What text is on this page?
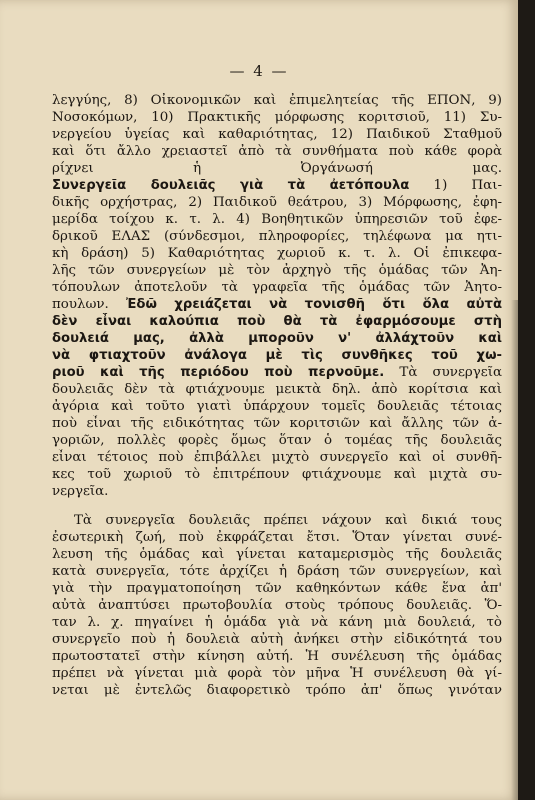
— 4 —
λεγγύης, 8) Οἰκονομικῶν καὶ ἐπιμελητείας τῆς ΕΠΟΝ, 9)
Νοσοκόμων, 10) Πρακτικῆς μόρφωσης κοριτσιοῦ, 11) Συ-
νεργείου ὑγείας καὶ καθαριότητας, 12) Παιδικοῦ Σταθμοῦ
καὶ ὅτι ἄλλο χρειαστεῖ ἀπὸ τὰ συνθήματα ποὺ κάθε φορὰ
ρίχνει ἡ Ὀργάνωσή μας.
Συνεργεῖα δουλειᾶς γιὰ τὰ ἀετόπουλα 1) Παι-
δικῆς ορχήστρας, 2) Παιδικοῦ θεάτρου, 3) Μόρφωσης, ἐφη-
μερίδα τοίχου κ. τ. λ. 4) Βοηθητικῶν ὑπηρεσιῶν τοῦ ἐφε-
δρικοῦ ΕΛΑΣ (σύνδεσμοι, πληροφορίες, τηλέφωνα μα ητι-
κὴ δράση) 5) Καθαριότητας χωριοῦ κ. τ. λ. Οἱ ἐπικεφα-
λῆς τῶν συνεργείων μὲ τὸν ἀρχηγὸ τῆς ὁμάδας τῶν Ἀη-
τόπουλων ἀποτελοῦν τὰ γραφεῖα τῆς ὁμάδας τῶν Ἀητο-
πουλων. Ἐδῶ χρειάζεται νὰ τονισθῆ ὅτι ὅλα αὐτὰ
δὲν εἶναι καλούπια ποὺ θὰ τὰ ἐφαρμόσουμε στὴ
δουλειά μας, ἀλλὰ μποροῦν ν' ἀλλάχτοῦν καὶ
νὰ φτιαχτοῦν ἀνάλογα μὲ τὶς συνθῆκες τοῦ χω-
ριοῦ καὶ τῆς περιόδου ποὺ περνοῦμε. Τὰ συνεργεῖα
δουλειᾶς δὲν τὰ φτιάχνουμε μεικτὰ δηλ. ἀπὸ κορίτσια καὶ
ἀγόρια καὶ τοῦτο γιατὶ ὑπάρχουν τομεῖς δουλειᾶς τέτοιας
ποὺ εἶναι τῆς ειδικότητας τῶν κοριτσιῶν καὶ ἄλλης τῶν ἀ-
γοριῶν, πολλὲς φορὲς ὅμως ὅταν ὁ τομέας τῆς δουλειᾶς
εἶναι τέτοιος ποὺ ἐπιβάλλει μιχτὸ συνεργεῖο καὶ οἱ συνθῆ-
κες τοῦ χωριοῦ τὸ ἐπιτρέπουν φτιάχνουμε καὶ μιχτὰ συ-
νεργεῖα.
Τὰ συνεργεῖα δουλειᾶς πρέπει νάχουν καὶ δικιά τους
ἐσωτερικὴ ζωή, ποὺ ἐκφράζεται ἔτσι. Ὅταν γίνεται συνέ-
λευση τῆς ὁμάδας καὶ γίνεται καταμερισμὸς τῆς δουλειᾶς
κατὰ συνεργεῖα, τότε ἀρχίζει ἡ δράση τῶν συνεργείων, καὶ
γιὰ τὴν πραγματοποίηση τῶν καθηκόντων κάθε ἕνα ἀπ'
αὐτὰ ἀναπτύσει πρωτοβουλία στοὺς τρόπους δουλειᾶς. Ὅ-
ταν λ. χ. πηγαίνει ἡ ὁμάδα γιὰ νὰ κάνη μιὰ δουλειά, τὸ
συνεργεῖο ποὺ ἡ δουλειὰ αὐτὴ ἀνήκει στὴν εἰδικότητά του
πρωτοστατεῖ στὴν κίνηση αὐτή. Ἡ συνέλευση τῆς ὁμάδας
πρέπει νὰ γίνεται μιὰ φορὰ τὸν μῆνα Ἡ συνέλευση θὰ γί-
νεται μὲ ἐντελῶς διαφορετικὸ τρόπο ἀπ' ὅπως γινόταν
